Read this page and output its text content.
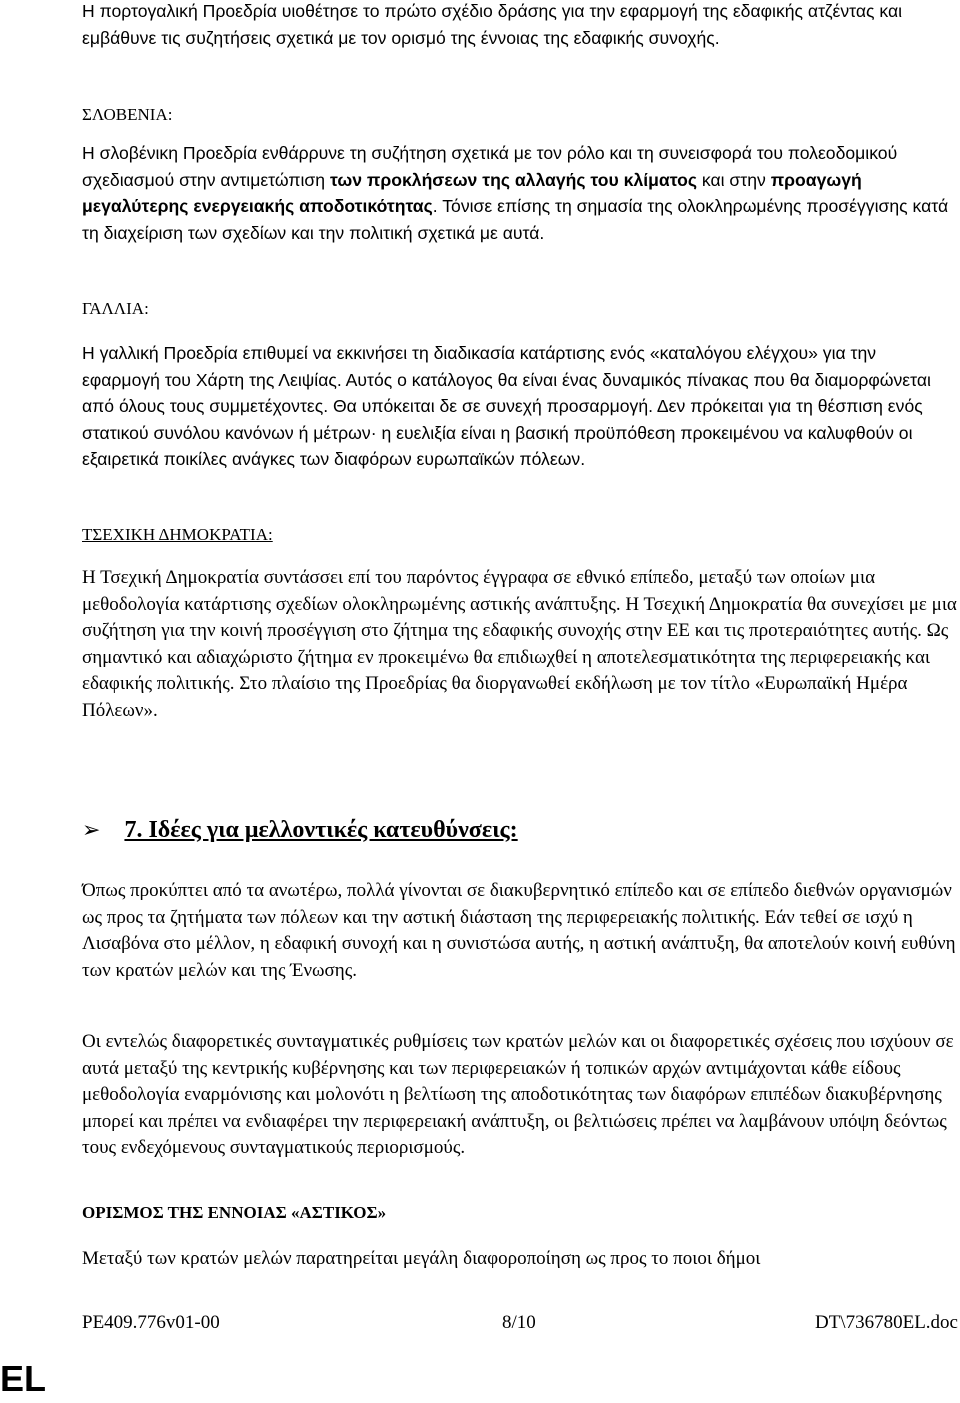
Η πορτογαλική Προεδρία υιοθέτησε το πρώτο σχέδιο δράσης για την εφαρμογή της εδαφικής ατζέντας και εμβάθυνε τις συζητήσεις σχετικά με τον ορισμό της έννοιας της εδαφικής συνοχής.

ΣΛΟΒΕΝΙΑ:

Η σλοβένικη Προεδρία ενθάρρυνε τη συζήτηση σχετικά με τον ρόλο και τη συνεισφορά του πολεοδομικού σχεδιασμού στην αντιμετώπιση των προκλήσεων της αλλαγής του κλίματος και στην προαγωγή μεγαλύτερης ενεργειακής αποδοτικότητας. Τόνισε επίσης τη σημασία της ολοκληρωμένης προσέγγισης κατά τη διαχείριση των σχεδίων και την πολιτική σχετικά με αυτά.

ΓΑΛΛΙΑ:

Η γαλλική Προεδρία επιθυμεί να εκκινήσει τη διαδικασία κατάρτισης ενός «καταλόγου ελέγχου» για την εφαρμογή του Χάρτη της Λειψίας. Αυτός ο κατάλογος θα είναι ένας δυναμικός πίνακας που θα διαμορφώνεται από όλους τους συμμετέχοντες. Θα υπόκειται δε σε συνεχή προσαρμογή. Δεν πρόκειται για τη θέσπιση ενός στατικού συνόλου κανόνων ή μέτρων· η ευελιξία είναι η βασική προϋπόθεση προκειμένου να καλυφθούν οι εξαιρετικά ποικίλες ανάγκες των διαφόρων ευρωπαϊκών πόλεων.

ΤΣΕΧΙΚΗ ΔΗΜΟΚΡΑΤΙΑ:

Η Τσεχική Δημοκρατία συντάσσει επί του παρόντος έγγραφα σε εθνικό επίπεδο, μεταξύ των οποίων μια μεθοδολογία κατάρτισης σχεδίων ολοκληρωμένης αστικής ανάπτυξης. Η Τσεχική Δημοκρατία θα συνεχίσει με μια συζήτηση για την κοινή προσέγγιση στο ζήτημα της εδαφικής συνοχής στην ΕΕ και τις προτεραιότητες αυτής. Ως σημαντικό και αδιαχώριστο ζήτημα εν προκειμένω θα επιδιωχθεί η αποτελεσματικότητα της περιφερειακής και εδαφικής πολιτικής. Στο πλαίσιο της Προεδρίας θα διοργανωθεί εκδήλωση με τον τίτλο «Ευρωπαϊκή Ημέρα Πόλεων».

Όπως προκύπτει από τα ανωτέρω, πολλά γίνονται σε διακυβερνητικό επίπεδο και σε επίπεδο διεθνών οργανισμών ως προς τα ζητήματα των πόλεων και την αστική διάσταση της περιφερειακής πολιτικής. Εάν τεθεί σε ισχύ η Λισαβόνα στο μέλλον, η εδαφική συνοχή και η συνιστώσα αυτής, η αστική ανάπτυξη, θα αποτελούν κοινή ευθύνη των κρατών μελών και της Ένωσης.

Οι εντελώς διαφορετικές συνταγματικές ρυθμίσεις των κρατών μελών και οι διαφορετικές σχέσεις που ισχύουν σε αυτά μεταξύ της κεντρικής κυβέρνησης και των περιφερειακών ή τοπικών αρχών αντιμάχονται κάθε είδους μεθοδολογία εναρμόνισης και μολονότι η βελτίωση της αποδοτικότητας των διαφόρων επιπέδων διακυβέρνησης μπορεί και πρέπει να ενδιαφέρει την περιφερειακή ανάπτυξη, οι βελτιώσεις πρέπει να λαμβάνουν υπόψη δεόντως τους ενδεχόμενους συνταγματικούς περιορισμούς.

ΟΡΙΣΜΟΣ ΤΗΣ ΕΝΝΟΙΑΣ «ΑΣΤΙΚΟΣ»

Μεταξύ των κρατών μελών παρατηρείται μεγάλη διαφοροποίηση ως προς το ποιοι δήμοι

➢ 7. Ιδέες για μελλοντικές κατευθύνσεις:
PE409.776v01-00	8/10	DT\736780EL.doc
EL
